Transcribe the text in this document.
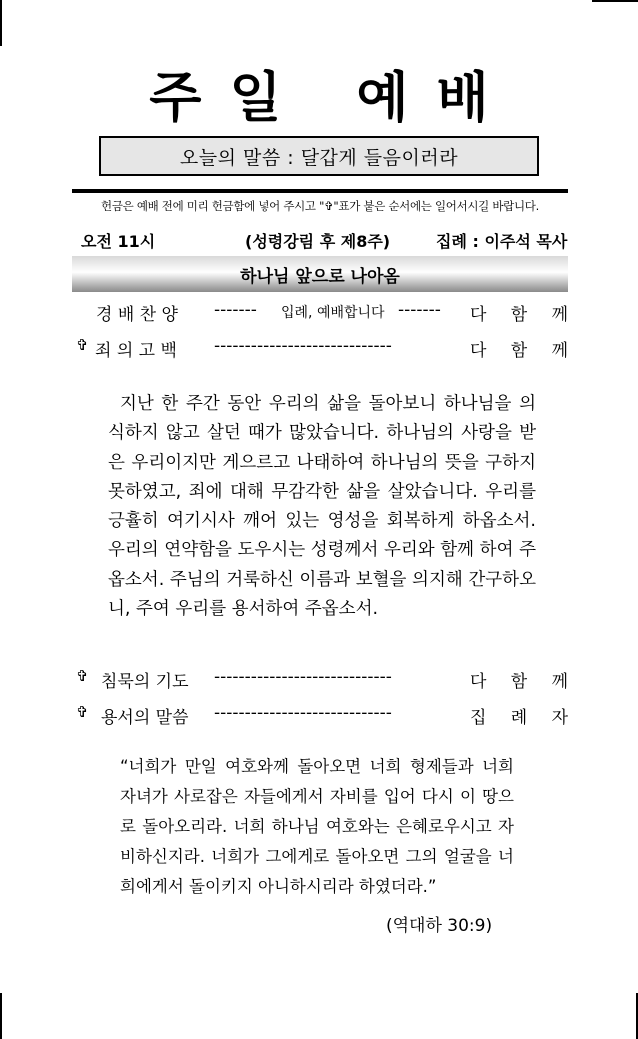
주일 예배
오늘의 말씀 : 달갑게 들음이러라
헌금은 예배 전에 미리 헌금함에 넣어 주시고 "✞"표가 붙은 순서에는 일어서시길 바랍니다.
오전 11시	(성령강림 후 제8주)	집례 : 이주석 목사
하나님 앞으로 나아옴
경 배 찬 양 ------- 입례, 예배합니다 ------- 다 함 께
✞ 죄 의 고 백 -----------------------------	다 함 께

지난 한 주간 동안 우리의 삶을 돌아보니 하나님을 의식하지 않고 살던 때가 많았습니다. 하나님의 사랑을 받은 우리이지만 게으르고 나태하여 하나님의 뜻을 구하지 못하였고, 죄에 대해 무감각한 삶을 살았습니다. 우리를 긍휼히 여기시사 깨어 있는 영성을 회복하게 하옵소서. 우리의 연약함을 도우시는 성령께서 우리와 함께 하여 주옵소서. 주님의 거룩하신 이름과 보혈을 의지해 간구하오니, 주여 우리를 용서하여 주옵소서.

✞ 침묵의 기도 -----------------------------	다 함 께
✞ 용서의 말씀 -----------------------------	집 례 자
“너희가 만일 여호와께 돌아오면 너희 형제들과 너희 자녀가 사로잡은 자들에게서 자비를 입어 다시 이 땅으로 돌아오리라. 너희 하나님 여호와는 은혜로우시고 자비하신지라. 너희가 그에게로 돌아오면 그의 얼굴을 너희에게서 돌이키지 아니하시리라 하였더라.”
(역대하 30:9)
